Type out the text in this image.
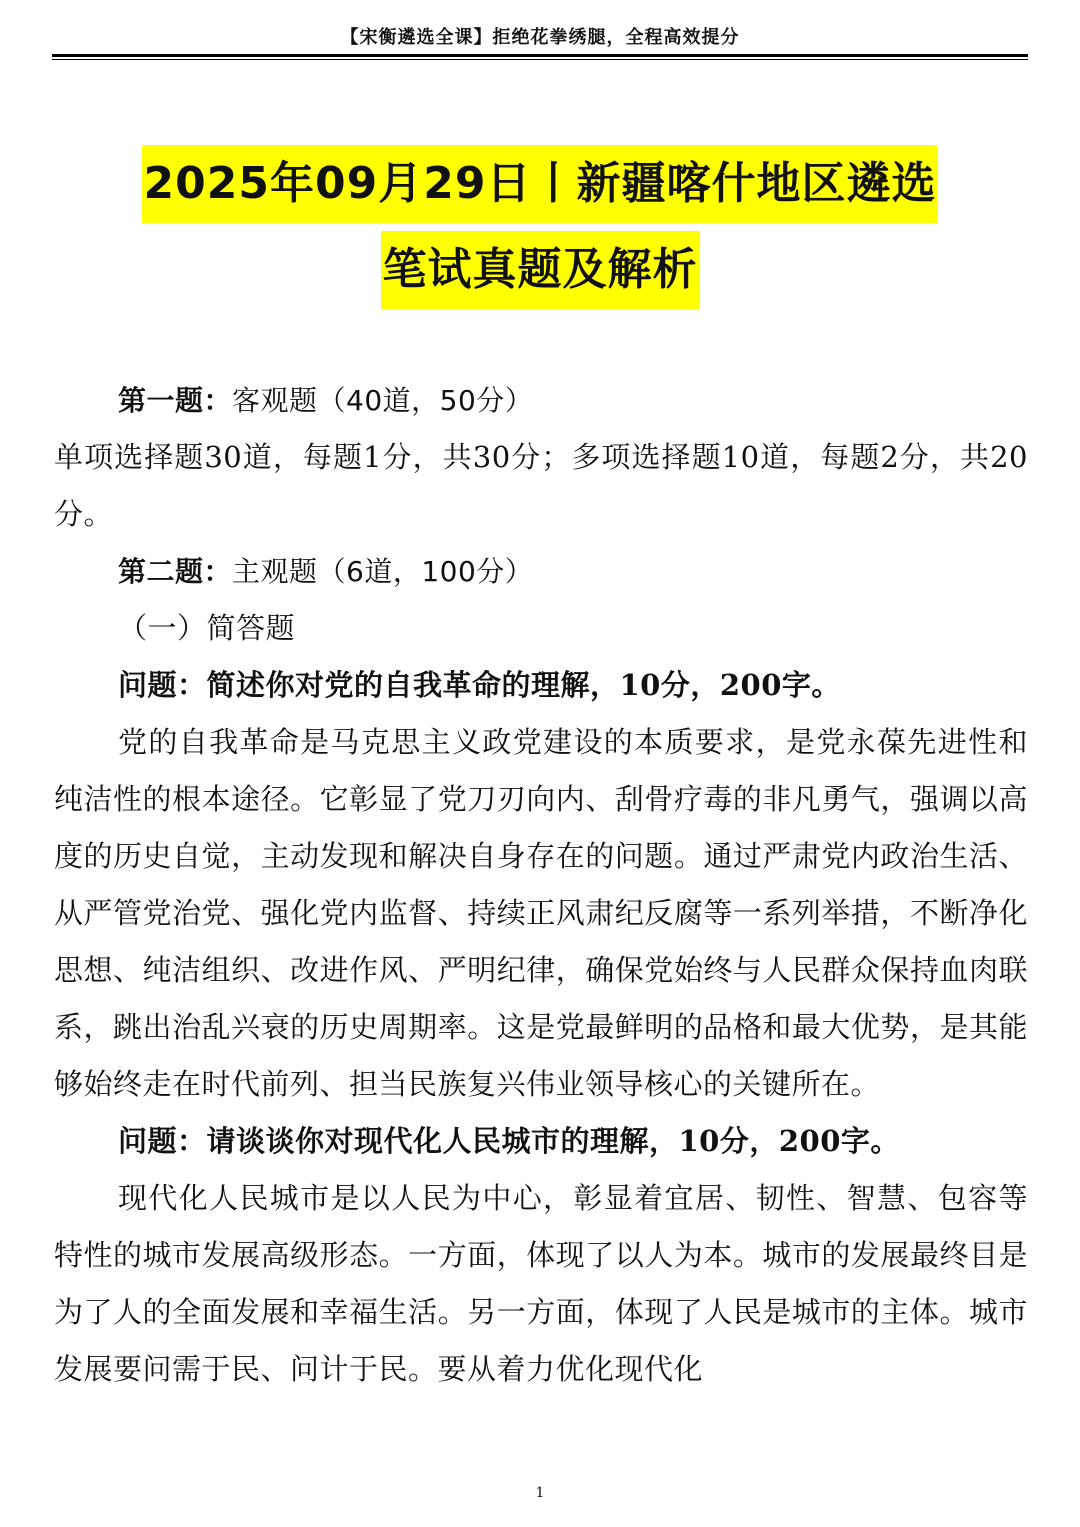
【宋衡遴选全课】拒绝花拳绣腿，全程高效提分
2025年09月29日丨新疆喀什地区遴选
笔试真题及解析
第一题：客观题（40道，50分）

单项选择题30道，每题1分，共30分；多项选择题10道，每题2分，共20分。

第二题：主观题（6道，100分）

（一）简答题

问题：简述你对党的自我革命的理解，10分，200字。

党的自我革命是马克思主义政党建设的本质要求，是党永葆先进性和纯洁性的根本途径。它彰显了党刀刃向内、刮骨疗毒的非凡勇气，强调以高度的历史自觉，主动发现和解决自身存在的问题。通过严肃党内政治生活、从严管党治党、强化党内监督、持续正风肃纪反腐等一系列举措，不断净化思想、纯洁组织、改进作风、严明纪律，确保党始终与人民群众保持血肉联系，跳出治乱兴衰的历史周期率。这是党最鲜明的品格和最大优势，是其能够始终走在时代前列、担当民族复兴伟业领导核心的关键所在。

问题：请谈谈你对现代化人民城市的理解，10分，200字。

现代化人民城市是以人民为中心，彰显着宜居、韧性、智慧、包容等特性的城市发展高级形态。一方面，体现了以人为本。城市的发展最终目是为了人的全面发展和幸福生活。另一方面，体现了人民是城市的主体。城市发展要问需于民、问计于民。要从着力优化现代化

1
